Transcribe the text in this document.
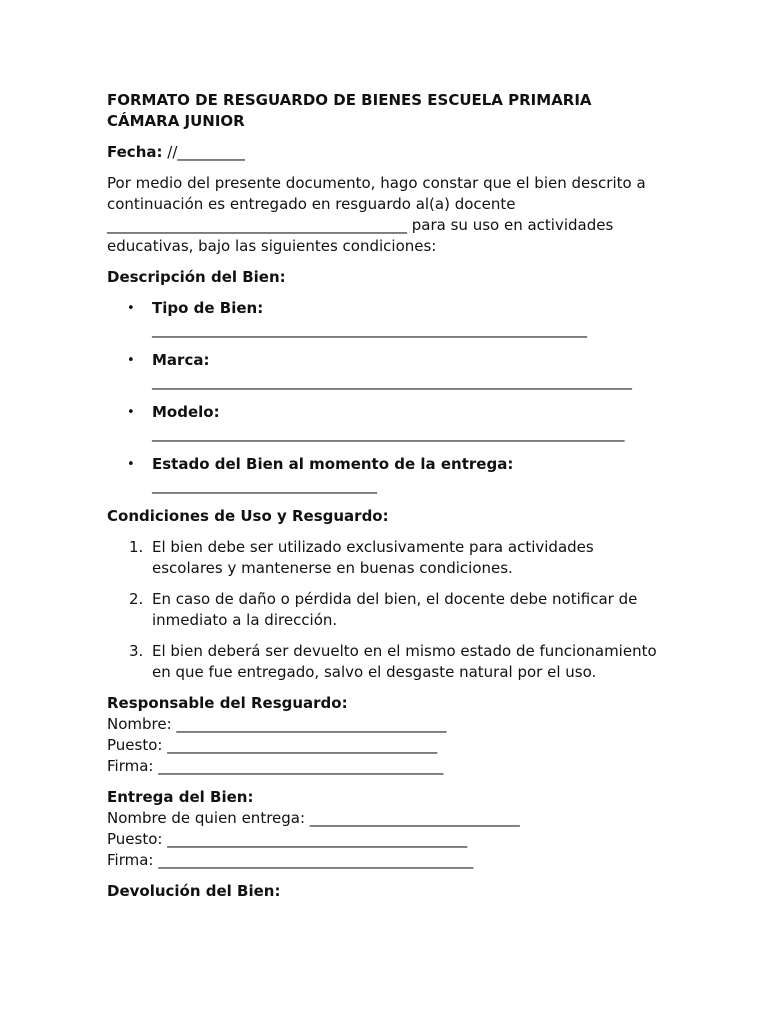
FORMATO DE RESGUARDO DE BIENES ESCUELA PRIMARIA CÁMARA JUNIOR
Fecha: //_________
Por medio del presente documento, hago constar que el bien descrito a
continuación es entregado en resguardo al(a) docente
________________________________________ para su uso en actividades
educativas, bajo las siguientes condiciones:
Descripción del Bien:
• Tipo de Bien:
__________________________________________________________
• Marca:
________________________________________________________________
• Modelo:
_______________________________________________________________
• Estado del Bien al momento de la entrega:
______________________________
Condiciones de Uso y Resguardo:
1. El bien debe ser utilizado exclusivamente para actividades
escolares y mantenerse en buenas condiciones.
2. En caso de daño o pérdida del bien, el docente debe notificar de
inmediato a la dirección.
3. El bien deberá ser devuelto en el mismo estado de funcionamiento
en que fue entregado, salvo el desgaste natural por el uso.
Responsable del Resguardo:
Nombre: ____________________________________
Puesto: ____________________________________
Firma: ______________________________________
Entrega del Bien:
Nombre de quien entrega: ____________________________
Puesto: ________________________________________
Firma: __________________________________________
Devolución del Bien:
